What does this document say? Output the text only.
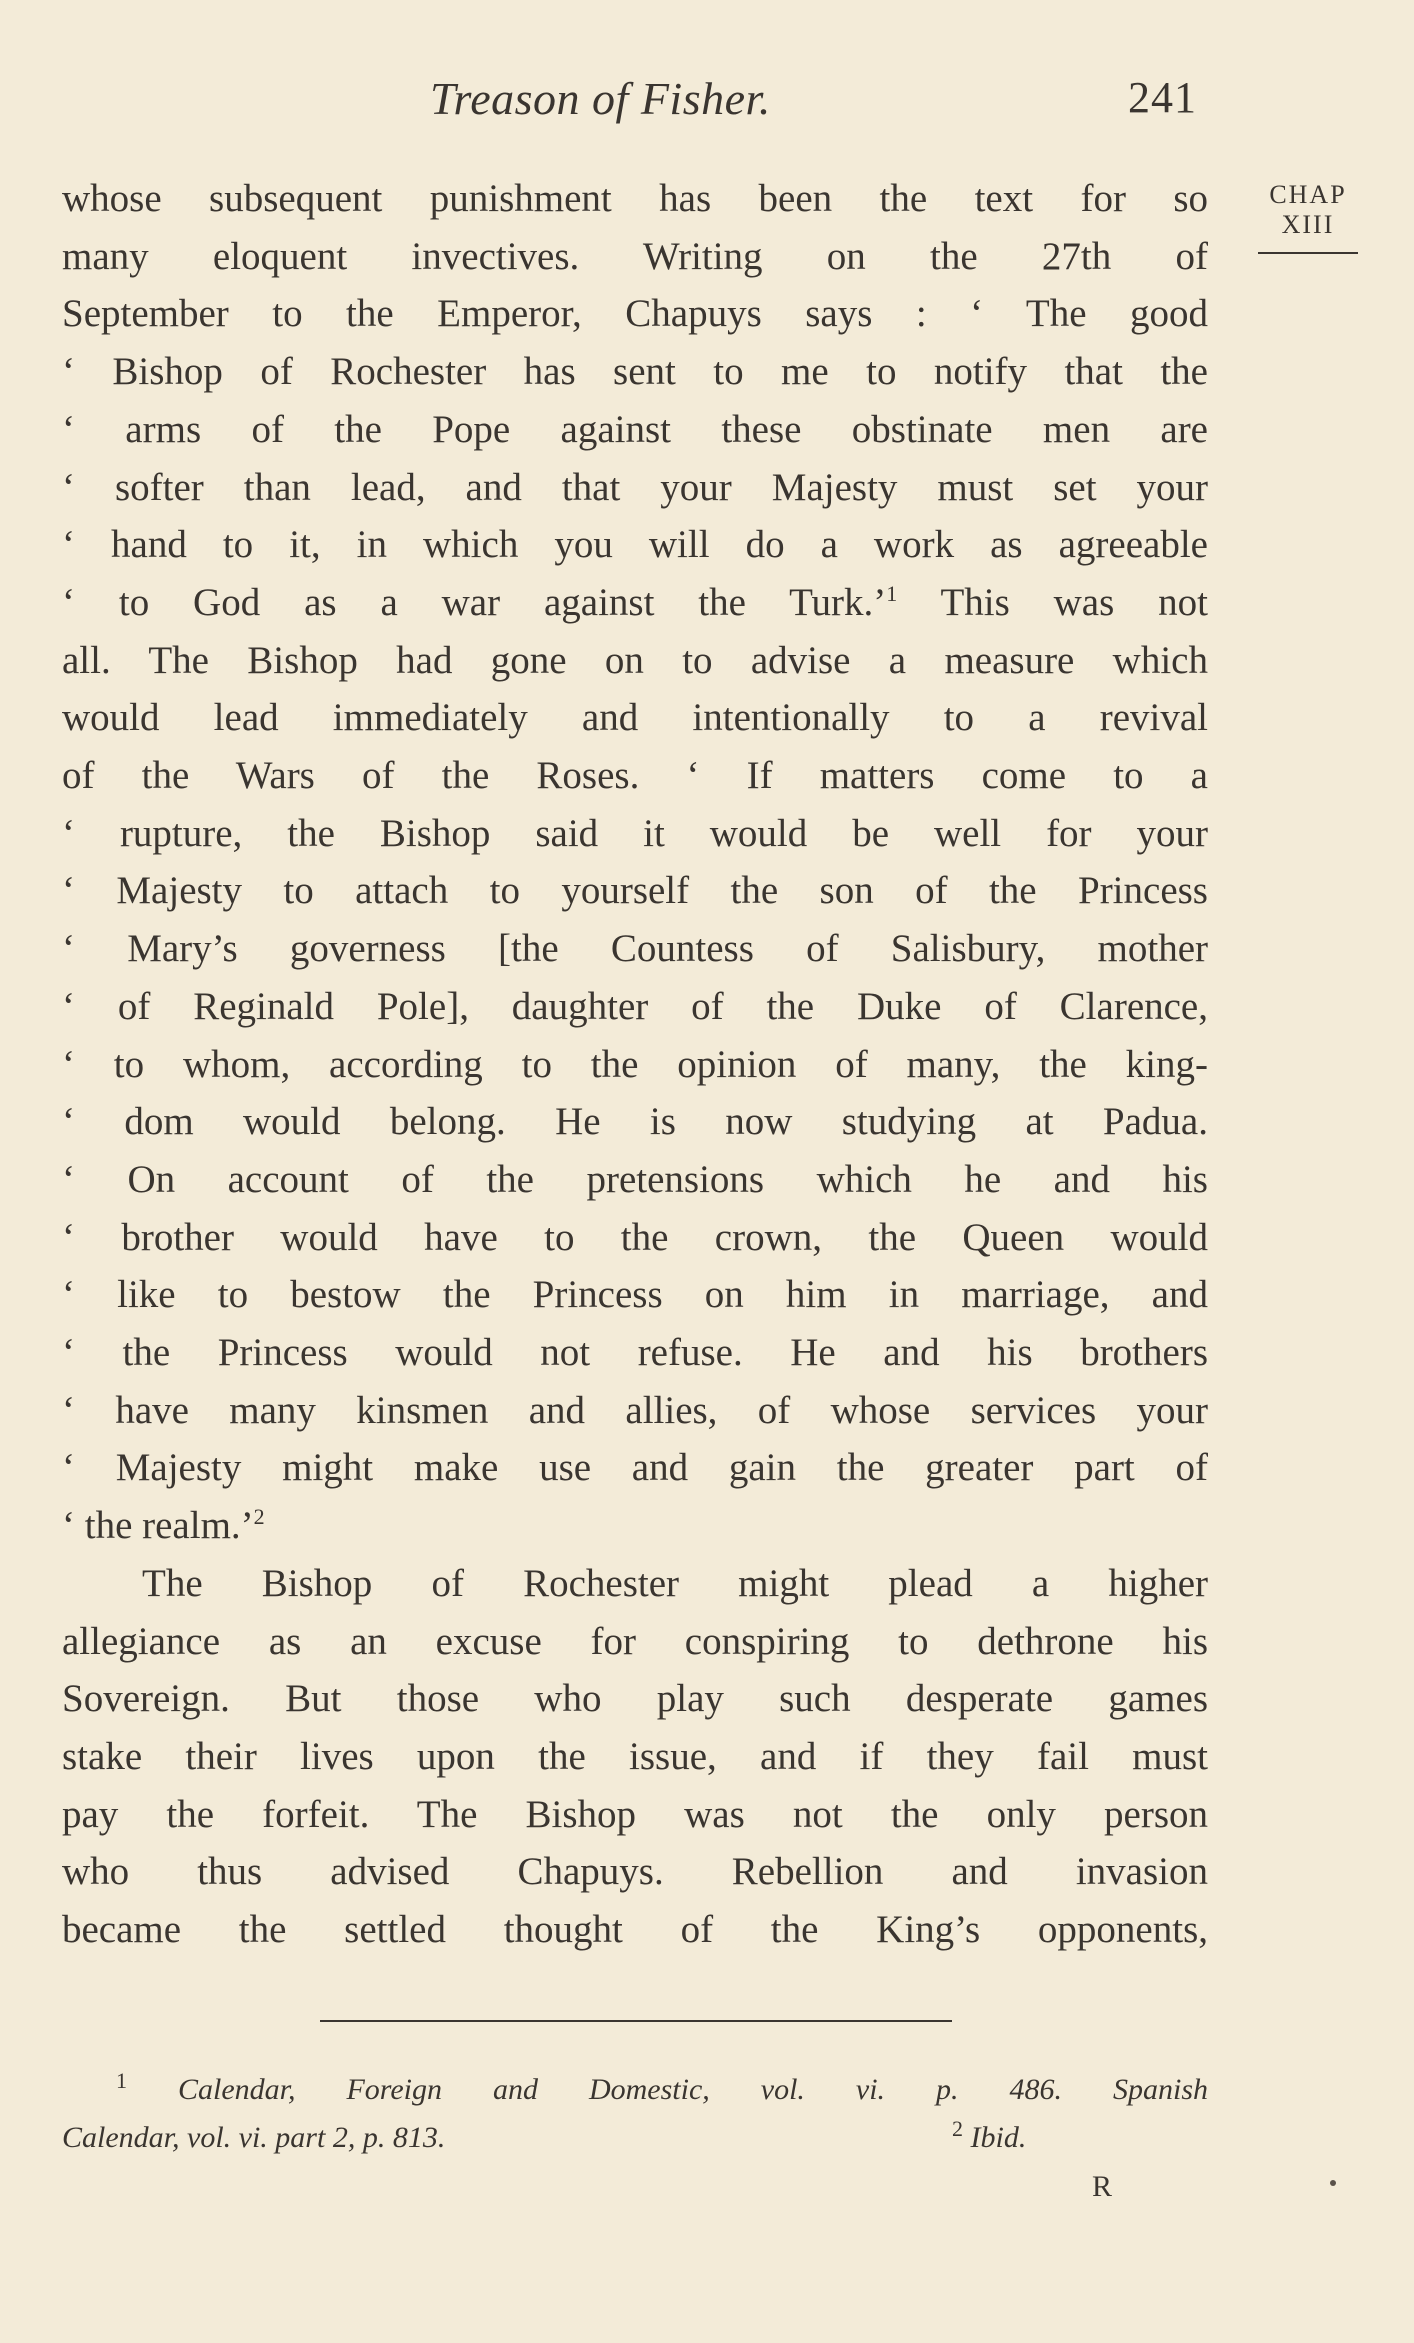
Treason of Fisher.	241
CHAP
XIII
whose subsequent punishment has been the text for so
many eloquent invectives. Writing on the 27th of
September to the Emperor, Chapuys says : ‘ The good
‘ Bishop of Rochester has sent to me to notify that the
‘ arms of the Pope against these obstinate men are
‘ softer than lead, and that your Majesty must set your
‘ hand to it, in which you will do a work as agreeable
‘ to God as a war against the Turk.’$^1$ This was not
all. The Bishop had gone on to advise a measure which
would lead immediately and intentionally to a revival
of the Wars of the Roses. ‘ If matters come to a
‘ rupture, the Bishop said it would be well for your
‘ Majesty to attach to yourself the son of the Princess
‘ Mary’s governess [the Countess of Salisbury, mother
‘ of Reginald Pole], daughter of the Duke of Clarence,
‘ to whom, according to the opinion of many, the king-
‘ dom would belong. He is now studying at Padua.
‘ On account of the pretensions which he and his
‘ brother would have to the crown, the Queen would
‘ like to bestow the Princess on him in marriage, and
‘ the Princess would not refuse. He and his brothers
‘ have many kinsmen and allies, of whose services your
‘ Majesty might make use and gain the greater part of
‘ the realm.’$^2$
The Bishop of Rochester might plead a higher
allegiance as an excuse for conspiring to dethrone his
Sovereign. But those who play such desperate games
stake their lives upon the issue, and if they fail must
pay the forfeit. The Bishop was not the only person
who thus advised Chapuys. Rebellion and invasion
became the settled thought of the King’s opponents,
$^1$ Calendar, Foreign and Domestic, vol. vi. p. 486. Spanish
Calendar, vol. vi. part 2, p. 813.	$^2$ Ibid.
R
